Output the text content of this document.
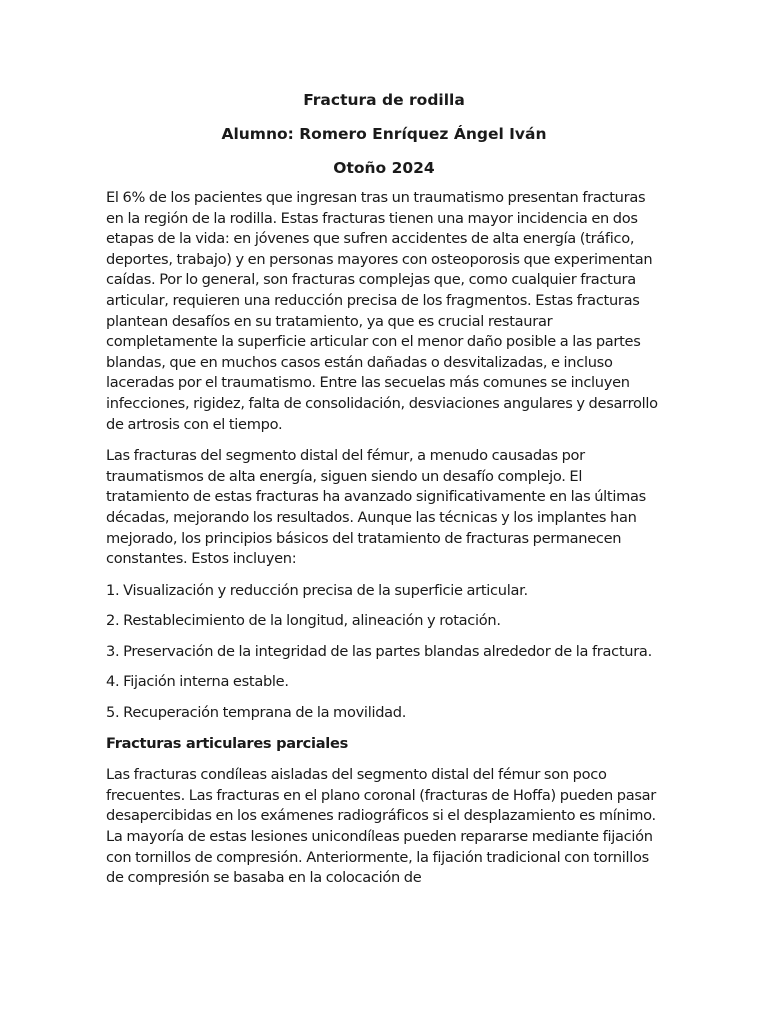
Fractura de rodilla
Alumno: Romero Enríquez Ángel Iván
Otoño 2024

El 6% de los pacientes que ingresan tras un traumatismo presentan fracturas en la región de la rodilla. Estas fracturas tienen una mayor incidencia en dos etapas de la vida: en jóvenes que sufren accidentes de alta energía (tráfico, deportes, trabajo) y en personas mayores con osteoporosis que experimentan caídas. Por lo general, son fracturas complejas que, como cualquier fractura articular, requieren una reducción precisa de los fragmentos. Estas fracturas plantean desafíos en su tratamiento, ya que es crucial restaurar completamente la superficie articular con el menor daño posible a las partes blandas, que en muchos casos están dañadas o desvitalizadas, e incluso laceradas por el traumatismo. Entre las secuelas más comunes se incluyen infecciones, rigidez, falta de consolidación, desviaciones angulares y desarrollo de artrosis con el tiempo.

Las fracturas del segmento distal del fémur, a menudo causadas por traumatismos de alta energía, siguen siendo un desafío complejo. El tratamiento de estas fracturas ha avanzado significativamente en las últimas décadas, mejorando los resultados. Aunque las técnicas y los implantes han mejorado, los principios básicos del tratamiento de fracturas permanecen constantes. Estos incluyen:

1. Visualización y reducción precisa de la superficie articular.

2. Restablecimiento de la longitud, alineación y rotación.

3. Preservación de la integridad de las partes blandas alrededor de la fractura.

4. Fijación interna estable.

5. Recuperación temprana de la movilidad.

Fracturas articulares parciales

Las fracturas condíleas aisladas del segmento distal del fémur son poco frecuentes. Las fracturas en el plano coronal (fracturas de Hoffa) pueden pasar desapercibidas en los exámenes radiográficos si el desplazamiento es mínimo. La mayoría de estas lesiones unicondíleas pueden repararse mediante fijación con tornillos de compresión. Anteriormente, la fijación tradicional con tornillos de compresión se basaba en la colocación de
